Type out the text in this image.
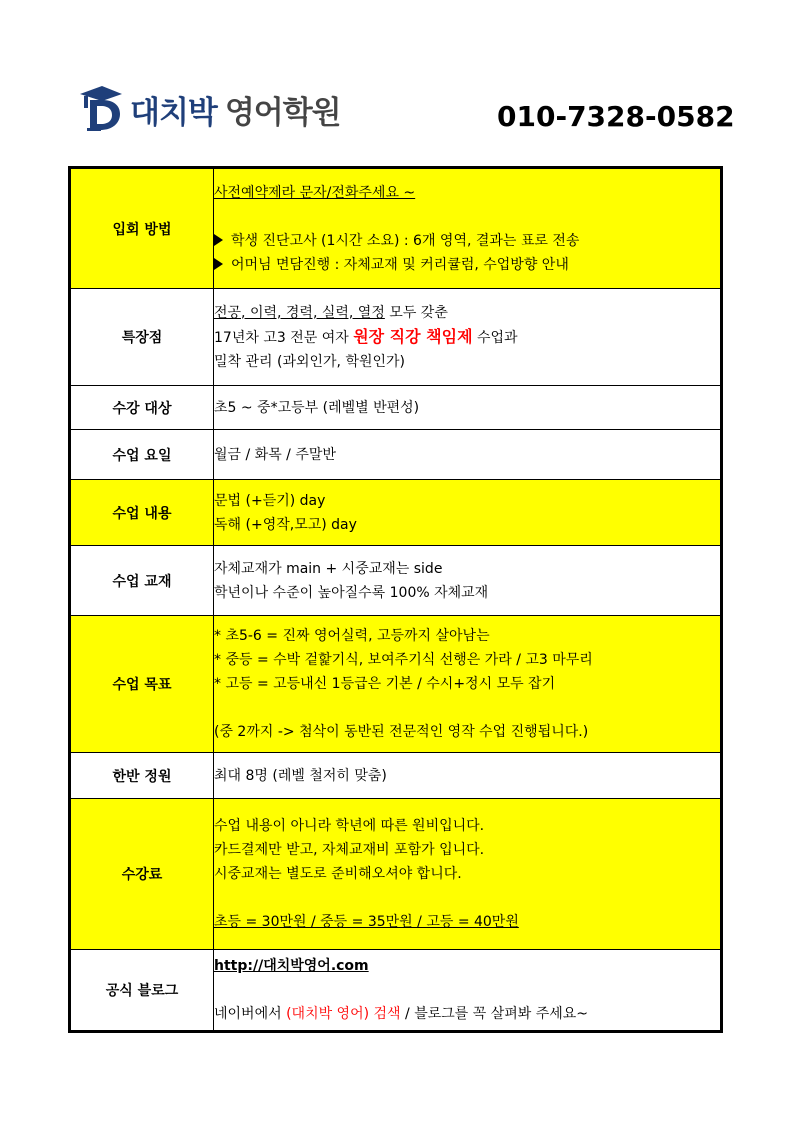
대치박 영어학원	010-7328-0582
입회 방법	사전예약제라 문자/전화주세요 ~
학생 진단고사 (1시간 소요) : 6개 영역, 결과는 표로 전송
어머님 면담진행 : 자체교재 및 커리큘럼, 수업방향 안내

특장점	전공, 이력, 경력, 실력, 열정 모두 갖춘
17년차 고3 전문 여자 원장 직강 책임제 수업과
밀착 관리 (과외인가, 학원인가)

수강 대상	초5 ~ 중*고등부 (레벨별 반편성)
수업 요일	월금 / 화목 / 주말반
수업 내용	문법 (+듣기) day
독해 (+영작,모고) day

수업 교재	자체교재가 main + 시중교재는 side
학년이나 수준이 높아질수록 100% 자체교재

수업 목표	* 초5-6 = 진짜 영어실력, 고등까지 살아남는
* 중등 = 수박 겉핥기식, 보여주기식 선행은 가라 / 고3 마무리
* 고등 = 고등내신 1등급은 기본 / 수시+정시 모두 잡기
(중 2까지 -> 첨삭이 동반된 전문적인 영작 수업 진행됩니다.)

한반 정원	최대 8명 (레벨 철저히 맞춤)
수강료	수업 내용이 아니라 학년에 따른 원비입니다.
카드결제만 받고, 자체교재비 포함가 입니다.
시중교재는 별도로 준비해오셔야 합니다.
초등 = 30만원 / 중등 = 35만원 / 고등 = 40만원

공식 블로그	http://대치박영어.com
네이버에서 (대치박 영어) 검색 / 블로그를 꼭 살펴봐 주세요~
